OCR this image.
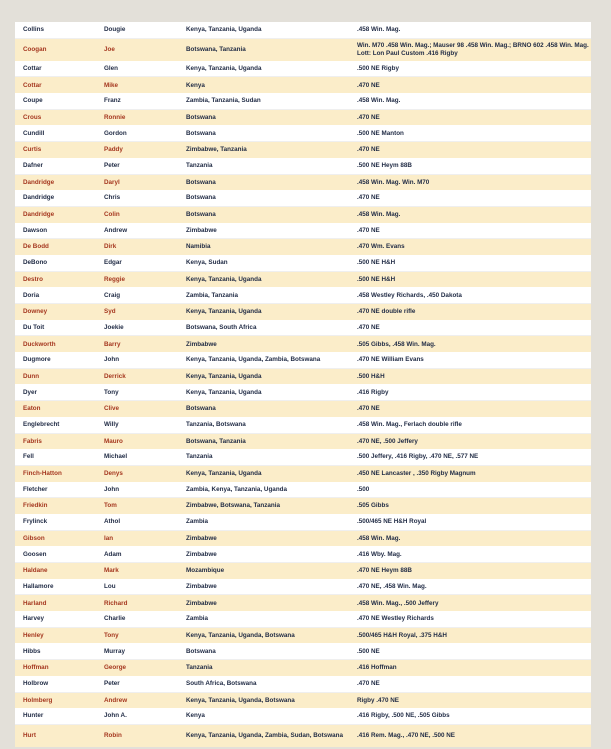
Collins	Dougie	Kenya, Tanzania, Uganda	.458 Win. Mag.
Coogan	Joe	Botswana, Tanzania	Win. M70 .458 Win. Mag.; Mauser 98 .458 Win. Mag.; BRNO 602 .458 Win. Mag. Lott: Lon Paul Custom .416 Rigby
Cottar	Glen	Kenya, Tanzania, Uganda	.500 NE Rigby
Cottar	Mike	Kenya	.470 NE
Coupe	Franz	Zambia, Tanzania, Sudan	.458 Win. Mag.
Crous	Ronnie	Botswana	.470 NE
Cundill	Gordon	Botswana	.500 NE Manton
Curtis	Paddy	Zimbabwe, Tanzania	.470 NE
Dafner	Peter	Tanzania	.500 NE Heym 88B
Dandridge	Daryl	Botswana	.458 Win. Mag. Win. M70
Dandridge	Chris	Botswana	.470 NE
Dandridge	Colin	Botswana	.458 Win. Mag.
Dawson	Andrew	Zimbabwe	.470 NE
De Bodd	Dirk	Namibia	.470 Wm. Evans
DeBono	Edgar	Kenya, Sudan	.500 NE H&H
Destro	Reggie	Kenya, Tanzania, Uganda	.500 NE H&H
Doria	Craig	Zambia, Tanzania	.458 Westley Richards, .450 Dakota
Downey	Syd	Kenya, Tanzania, Uganda	.470 NE double rifle
Du Toit	Joekie	Botswana, South Africa	.470 NE
Duckworth	Barry	Zimbabwe	.505 Gibbs, .458 Win. Mag.
Dugmore	John	Kenya, Tanzania, Uganda, Zambia, Botswana	.470 NE William Evans
Dunn	Derrick	Kenya, Tanzania, Uganda	.500 H&H
Dyer	Tony	Kenya, Tanzania, Uganda	.416 Rigby
Eaton	Clive	Botswana	.470 NE
Englebrecht	Willy	Tanzania, Botswana	.458 Win. Mag., Ferlach double rifle
Fabris	Mauro	Botswana, Tanzania	.470 NE, .500 Jeffery
Fell	Michael	Tanzania	.500 Jeffery, .416 Rigby, .470 NE, .577 NE
Finch-Hatton	Denys	Kenya, Tanzania, Uganda	.450 NE Lancaster , .350 Rigby Magnum
Fletcher	John	Zambia, Kenya, Tanzania, Uganda	.500
Friedkin	Tom	Zimbabwe, Botswana, Tanzania	.505 Gibbs
Frylinck	Athol	Zambia	.500/465 NE H&H Royal
Gibson	Ian	Zimbabwe	.458 Win. Mag.
Goosen	Adam	Zimbabwe	.416 Wby. Mag.
Haldane	Mark	Mozambique	.470 NE Heym 88B
Hallamore	Lou	Zimbabwe	.470 NE, .458 Win. Mag.
Harland	Richard	Zimbabwe	.458 Win. Mag., .500 Jeffery
Harvey	Charlie	Zambia	.470 NE Westley Richards
Henley	Tony	Kenya, Tanzania, Uganda, Botswana	.500/465 H&H Royal, .375 H&H
Hibbs	Murray	Botswana	.500 NE
Hoffman	George	Tanzania	.416 Hoffman
Holbrow	Peter	South Africa, Botswana	.470 NE
Holmberg	Andrew	Kenya, Tanzania, Uganda, Botswana	Rigby .470 NE
Hunter	John A.	Kenya	.416 Rigby, .500 NE, .505 Gibbs
Hurt	Robin	Kenya, Tanzania, Uganda, Zambia, Sudan, Botswana	.416 Rem. Mag., .470 NE, .500 NE
